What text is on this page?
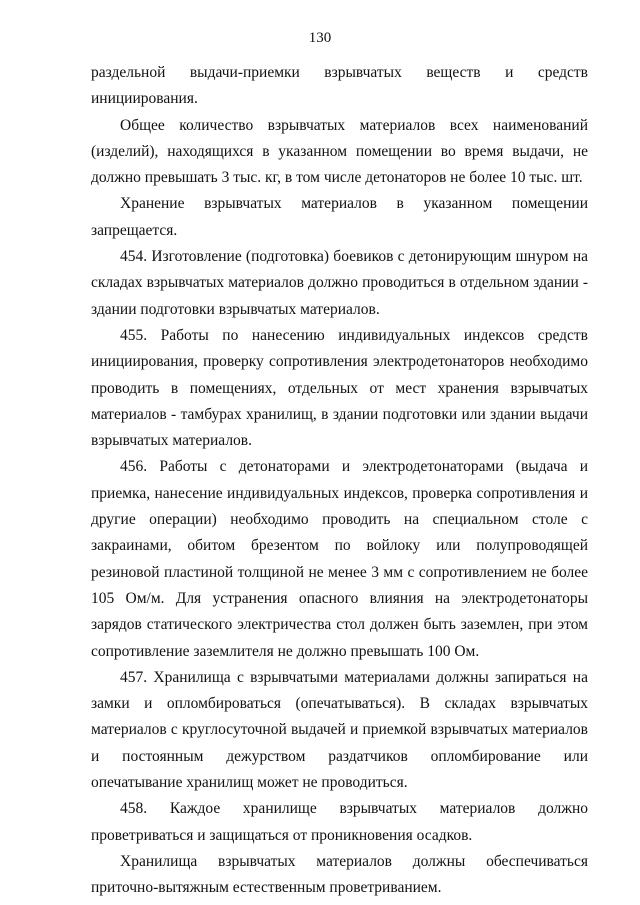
130

раздельной выдачи-приемки взрывчатых веществ и средств инициирования.

Общее количество взрывчатых материалов всех наименований (изделий), находящихся в указанном помещении во время выдачи, не должно превышать 3 тыс. кг, в том числе детонаторов не более 10 тыс. шт.

Хранение взрывчатых материалов в указанном помещении запрещается.

454. Изготовление (подготовка) боевиков с детонирующим шнуром на складах взрывчатых материалов должно проводиться в отдельном здании - здании подготовки взрывчатых материалов.

455. Работы по нанесению индивидуальных индексов средств инициирования, проверку сопротивления электродетонаторов необходимо проводить в помещениях, отдельных от мест хранения взрывчатых материалов - тамбурах хранилищ, в здании подготовки или здании выдачи взрывчатых материалов.

456. Работы с детонаторами и электродетонаторами (выдача и приемка, нанесение индивидуальных индексов, проверка сопротивления и другие операции) необходимо проводить на специальном столе с закраинами, обитом брезентом по войлоку или полупроводящей резиновой пластиной толщиной не менее 3 мм с сопротивлением не более 105 Ом/м. Для устранения опасного влияния на электродетонаторы зарядов статического электричества стол должен быть заземлен, при этом сопротивление заземлителя не должно превышать 100 Ом.

457. Хранилища с взрывчатыми материалами должны запираться на замки и опломбироваться (опечатываться). В складах взрывчатых материалов с круглосуточной выдачей и приемкой взрывчатых материалов и постоянным дежурством раздатчиков опломбирование или опечатывание хранилищ может не проводиться.

458. Каждое хранилище взрывчатых материалов должно проветриваться и защищаться от проникновения осадков.

Хранилища взрывчатых материалов должны обеспечиваться приточно-вытяжным естественным проветриванием.
